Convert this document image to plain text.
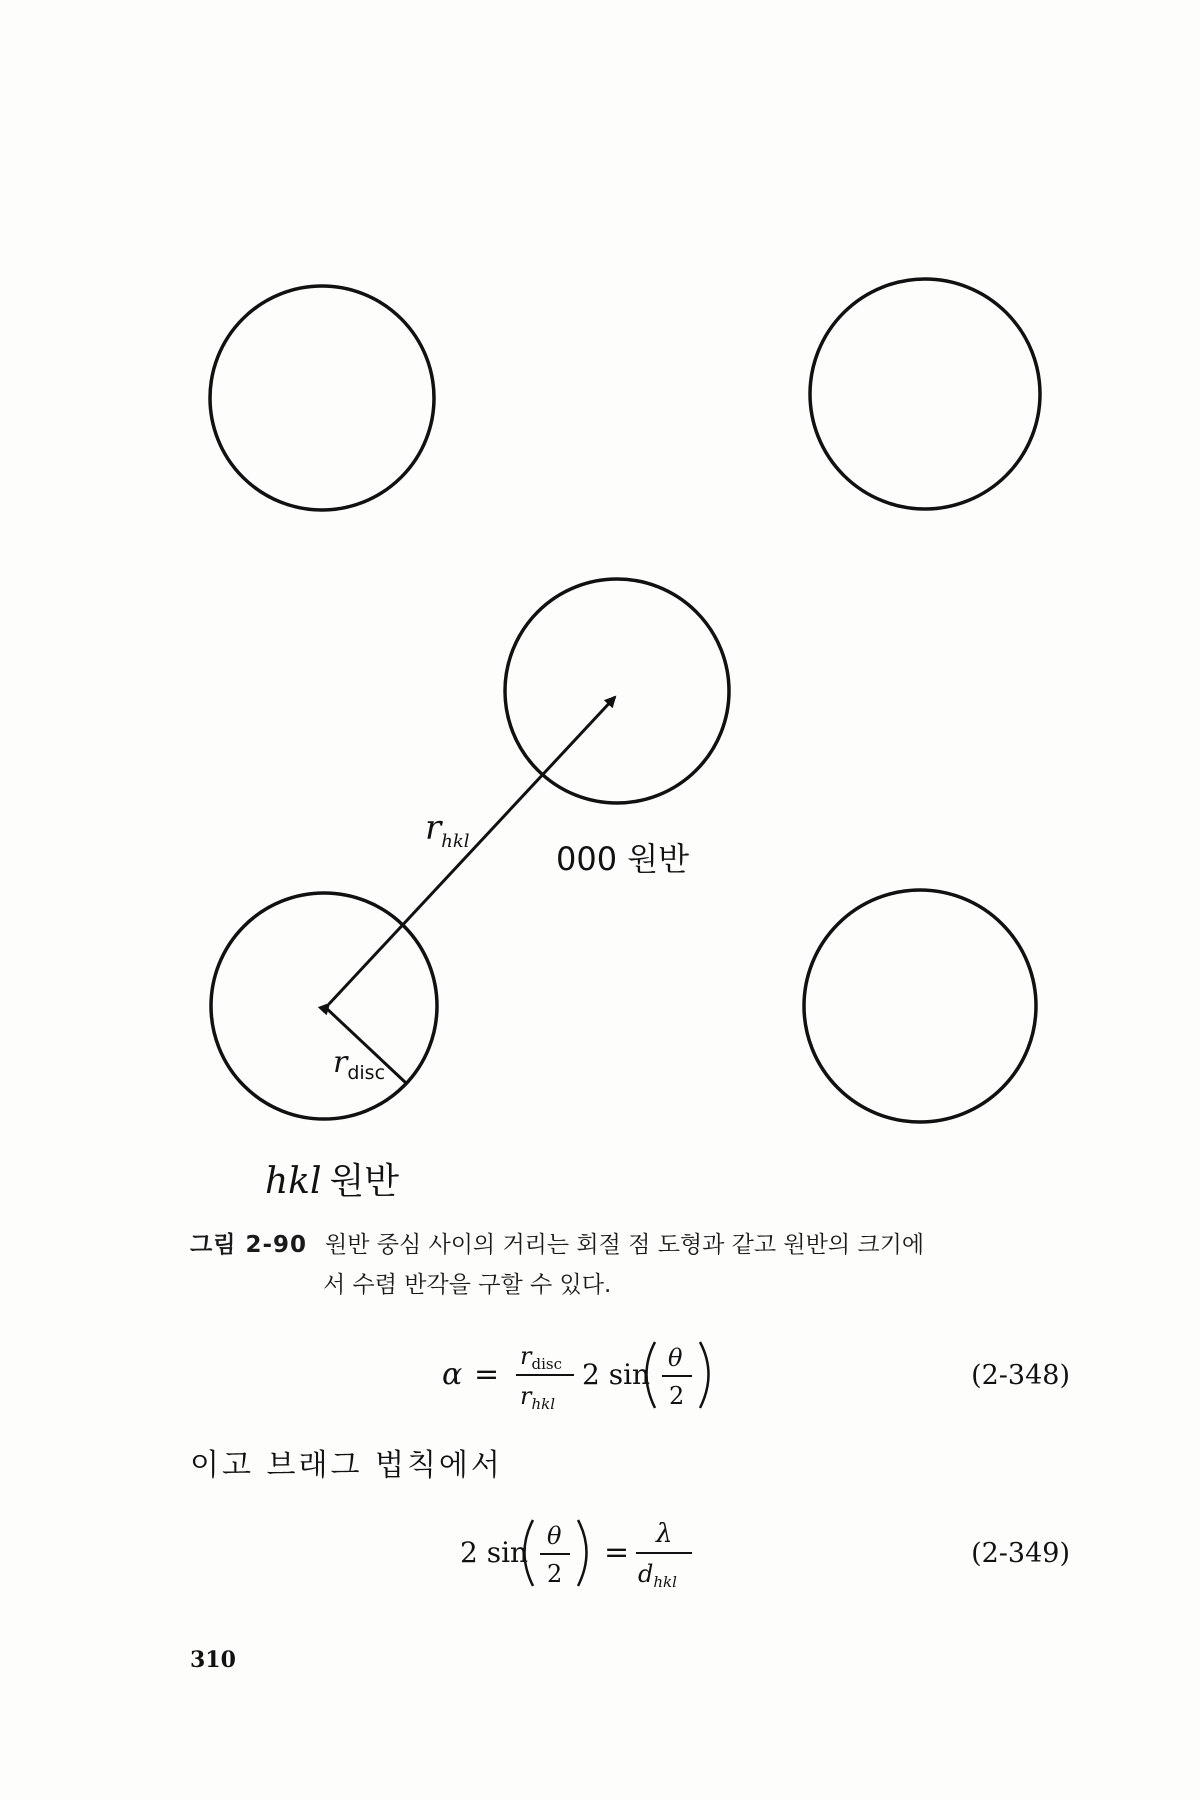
$r_{hkl}$
$r_{disc}$
000 원반
hkl 원반
그림 2-90 원반 중심 사이의 거리는 회절 점 도형과 같고 원반의 크기에
서 수렴 반각을 구할 수 있다.
α =
$r_{disc}$
$r_{hkl}$
2 sin θ
2
(2-348)
이고 브래그 법칙에서
2 sin θ
2
=
λ
$d_{hkl}$
(2-349)
310
